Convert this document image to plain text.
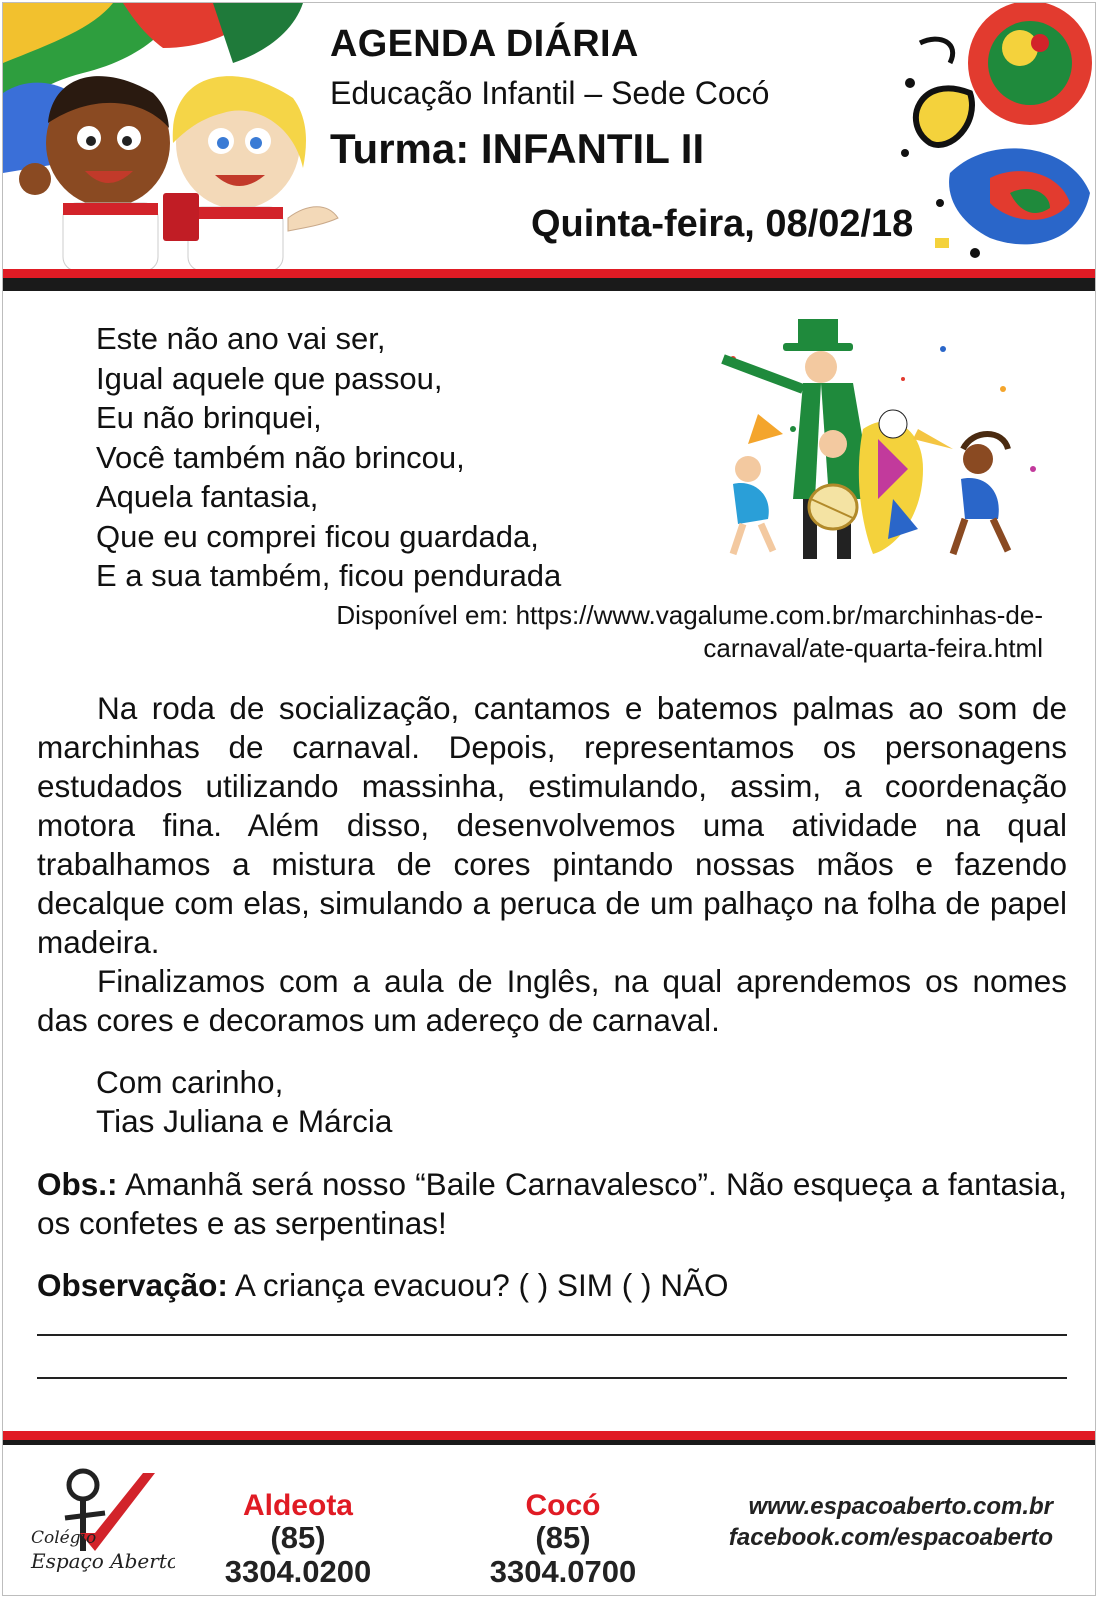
AGENDA DIÁRIA
Educação Infantil – Sede Cocó
Turma: INFANTIL II
Quinta-feira, 08/02/18
Este não ano vai ser,
Igual aquele que passou,
Eu não brinquei,
Você também não brincou,
Aquela fantasia,
Que eu comprei ficou guardada,
E a sua também, ficou pendurada
Disponível em: https://www.vagalume.com.br/marchinhas-de-
carnaval/ate-quarta-feira.html

Na roda de socialização, cantamos e batemos palmas ao som de marchinhas de carnaval. Depois, representamos os personagens estudados utilizando massinha, estimulando, assim, a coordenação motora fina. Além disso, desenvolvemos uma atividade na qual trabalhamos a mistura de cores pintando nossas mãos e fazendo decalque com elas, simulando a peruca de um palhaço na folha de papel madeira.

Finalizamos com a aula de Inglês, na qual aprendemos os nomes das cores e decoramos um adereço de carnaval.

Com carinho,
Tias Juliana e Márcia
Obs.: Amanhã será nosso “Baile Carnavalesco”. Não esqueça a fantasia, os confetes e as serpentinas!
Observação: A criança evacuou? ( ) SIM ( ) NÃO
Colégio
Espaço Aberto
Aldeota
(85) 3304.0200
Cocó
(85) 3304.0700
www.espacoaberto.com.br
facebook.com/espacoaberto
